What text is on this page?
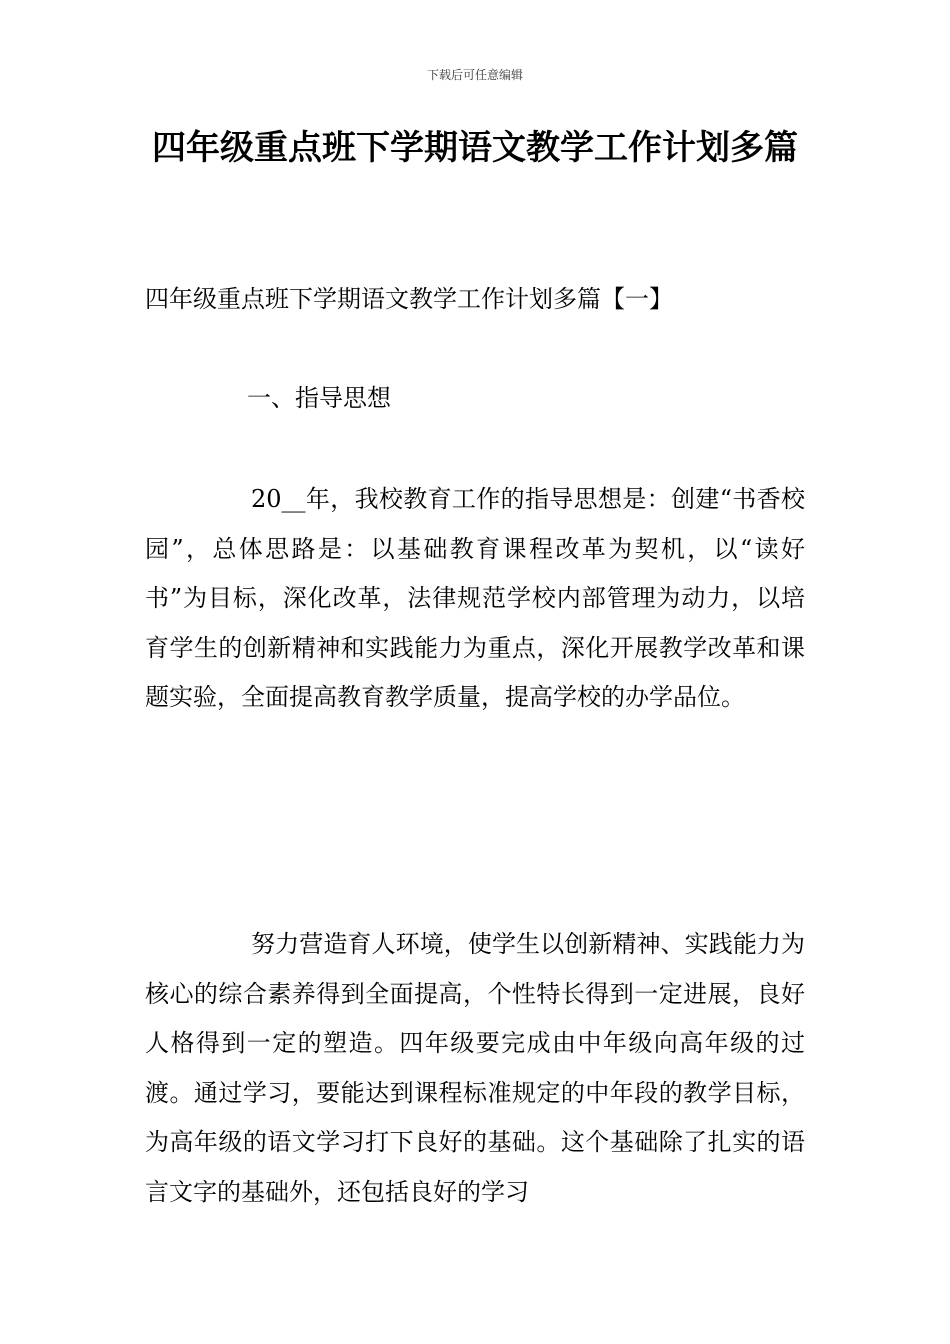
下载后可任意编辑
四年级重点班下学期语文教学工作计划多篇
四年级重点班下学期语文教学工作计划多篇【一】
一、指导思想

20__年，我校教育工作的指导思想是：创建“书香校园”，总体思路是：以基础教育课程改革为契机，以“读好书”为目标，深化改革，法律规范学校内部管理为动力，以培育学生的创新精神和实践能力为重点，深化开展教学改革和课题实验，全面提高教育教学质量，提高学校的办学品位。

努力营造育人环境，使学生以创新精神、实践能力为核心的综合素养得到全面提高，个性特长得到一定进展，良好人格得到一定的塑造。四年级要完成由中年级向高年级的过渡。通过学习，要能达到课程标准规定的中年段的教学目标，为高年级的语文学习打下良好的基础。这个基础除了扎实的语言文字的基础外，还包括良好的学习
